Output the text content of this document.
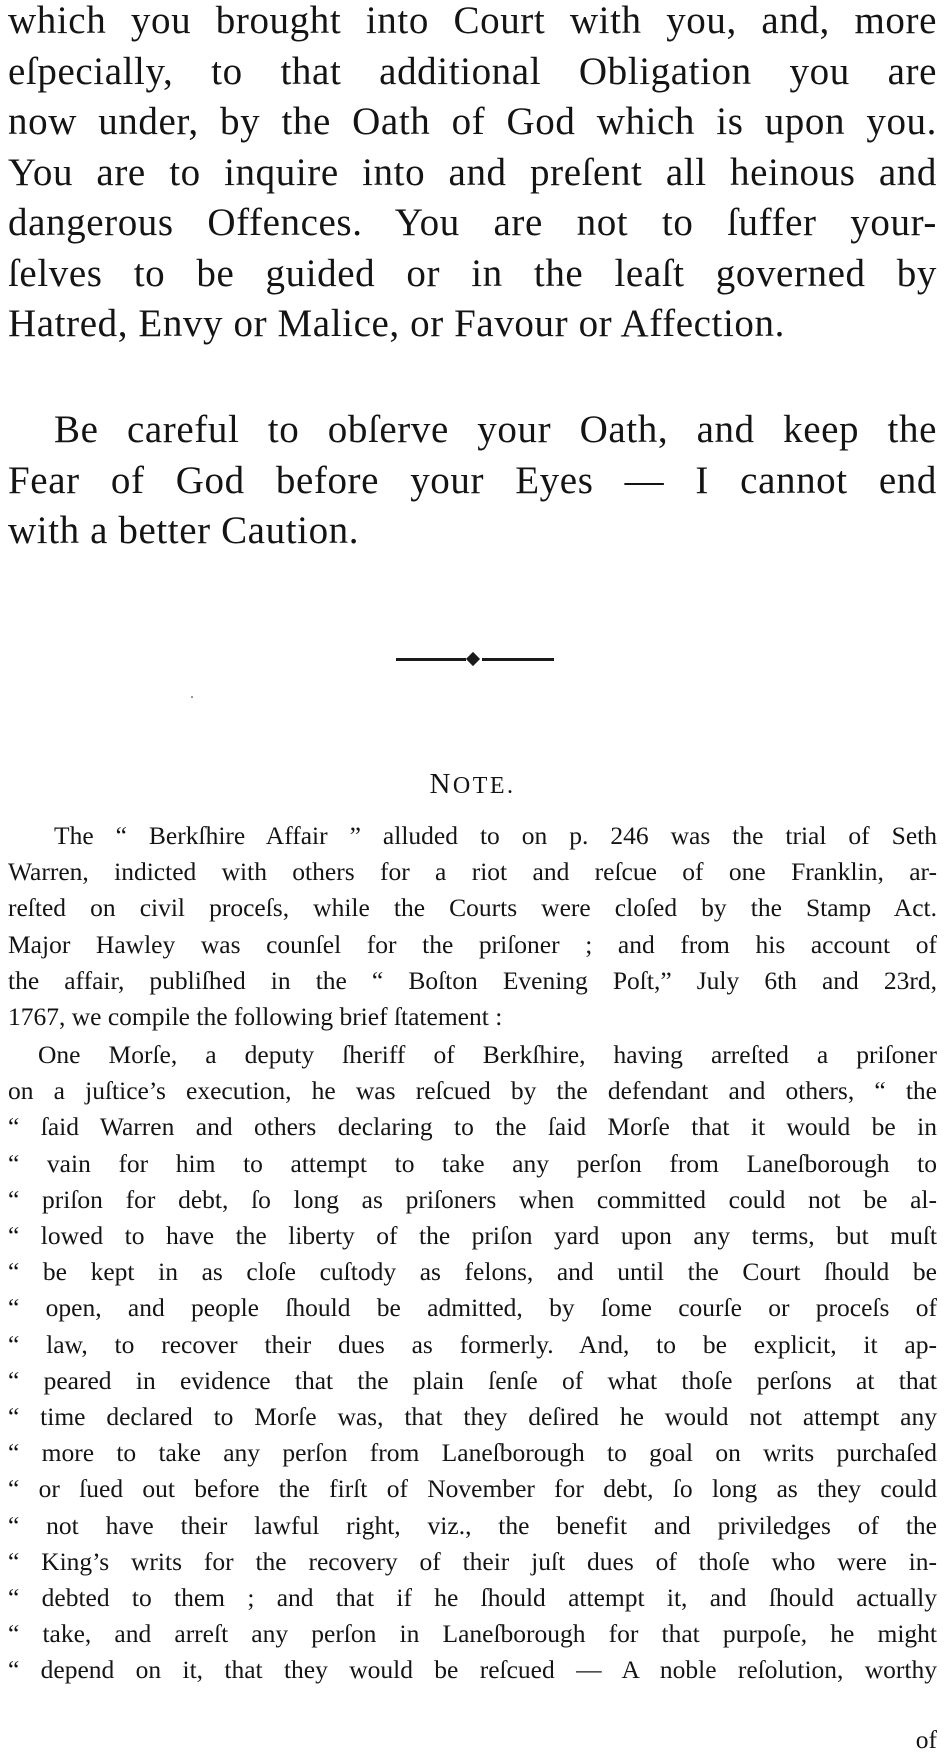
which you brought into Court with you, and, more
eſpecially, to that additional Obligation you are
now under, by the Oath of God which is upon you.
You are to inquire into and preſent all heinous and
dangerous Offences. You are not to ſuffer your-
ſelves to be guided or in the leaſt governed by
Hatred, Envy or Malice, or Favour or Affection.
Be careful to obſerve your Oath, and keep the
Fear of God before your Eyes — I cannot end
with a better Caution.
NOTE.
The “ Berkſhire Affair ” alluded to on p. 246 was the trial of Seth
Warren, indicted with others for a riot and reſcue of one Franklin, ar-
reſted on civil proceſs, while the Courts were cloſed by the Stamp Act.
Major Hawley was counſel for the priſoner ; and from his account of
the affair, publiſhed in the “ Boſton Evening Poſt,” July 6th and 23rd,
1767, we compile the following brief ſtatement :
One Morſe, a deputy ſheriff of Berkſhire, having arreſted a priſoner
on a juſtice’s execution, he was reſcued by the defendant and others, “ the
“ ſaid Warren and others declaring to the ſaid Morſe that it would be in
“ vain for him to attempt to take any perſon from Laneſborough to
“ priſon for debt, ſo long as priſoners when committed could not be al-
“ lowed to have the liberty of the priſon yard upon any terms, but muſt
“ be kept in as cloſe cuſtody as felons, and until the Court ſhould be
“ open, and people ſhould be admitted, by ſome courſe or proceſs of
“ law, to recover their dues as formerly. And, to be explicit, it ap-
“ peared in evidence that the plain ſenſe of what thoſe perſons at that
“ time declared to Morſe was, that they deſired he would not attempt any
“ more to take any perſon from Laneſborough to goal on writs purchaſed
“ or ſued out before the firſt of November for debt, ſo long as they could
“ not have their lawful right, viz., the benefit and priviledges of the
“ King’s writs for the recovery of their juſt dues of thoſe who were in-
“ debted to them ; and that if he ſhould attempt it, and ſhould actually
“ take, and arreſt any perſon in Laneſborough for that purpoſe, he might
“ depend on it, that they would be reſcued — A noble reſolution, worthy
of
